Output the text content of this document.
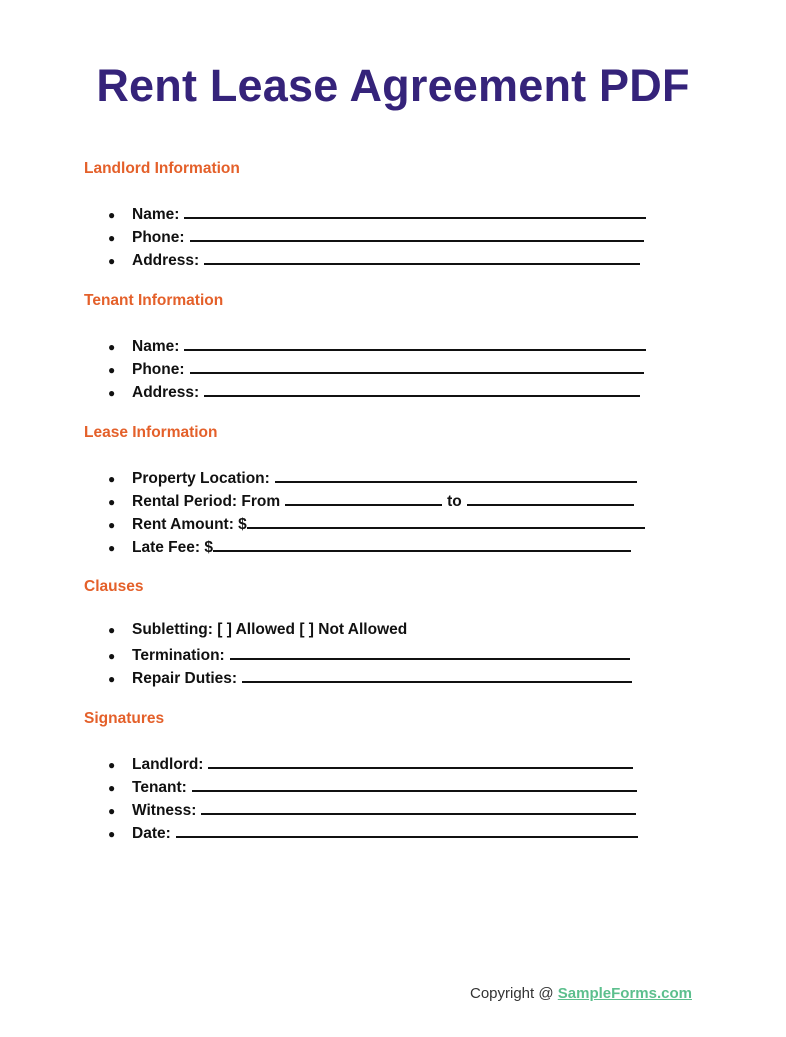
Rent Lease Agreement PDF
Landlord Information
●	Name:
●	Phone:
●	Address:
Tenant Information
●	Name:
●	Phone:
●	Address:
Lease Information
●	Property Location:
●	Rental Period: From	to
●	Rent Amount: $
●	Late Fee: $
Clauses
●	Subletting: [ ] Allowed [ ] Not Allowed
●	Termination:
●	Repair Duties:
Signatures
●	Landlord:
●	Tenant:
●	Witness:
●	Date:
Copyright @ SampleForms.com
